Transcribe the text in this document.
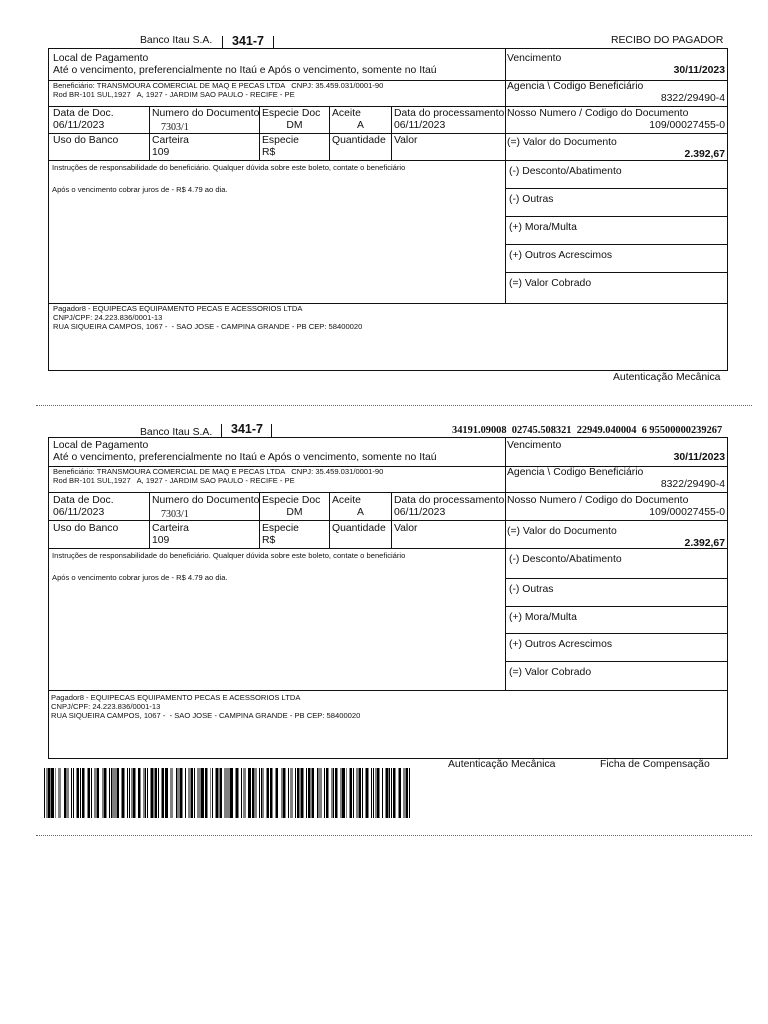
Banco Itau S.A. 341-7	RECIBO DO PAGADOR
Local de Pagamento
Até o vencimento, preferencialmente no Itaú e Após o vencimento, somente no Itaú
Vencimento
30/11/2023
Beneficiário: TRANSMOURA COMERCIAL DE MAQ E PECAS LTDA   CNPJ: 35.459.031/0001-90
Rod BR-101 SUL,1927   A, 1927 - JARDIM SAO PAULO - RECIFE - PE
Agencia \ Codigo Beneficiário
8322/29490-4
Data de Doc.
06/11/2023
Numero do Documento
7303/1
Especie Doc
DM
Aceite
A
Data do processamento
06/11/2023
Nosso Numero / Codigo do Documento
109/00027455-0
Uso do Banco	Carteira
109
Especie
R$
Quantidade Valor	(=) Valor do Documento
2.392,67
Instruções de responsabilidade do beneficiário. Qualquer dúvida sobre este boleto, contate o beneficiário
Após o vencimento cobrar juros de - R$ 4.79 ao dia.
(-) Desconto/Abatimento
(-) Outras
(+) Mora/Multa
(+) Outros Acrescimos
(=) Valor Cobrado
Pagador8 - EQUIPECAS EQUIPAMENTO PECAS E ACESSORIOS LTDA
CNPJ/CPF: 24.223.836/0001-13
RUA SIQUEIRA CAMPOS, 1067 -  - SAO JOSE - CAMPINA GRANDE - PB CEP: 58400020
Autenticação Mecânica
Banco Itau S.A. 341-7	34191.09008  02745.508321  22949.040004  6 95500000239267
Local de Pagamento
Até o vencimento, preferencialmente no Itaú e Após o vencimento, somente no Itaú
Vencimento
30/11/2023
Beneficiário: TRANSMOURA COMERCIAL DE MAQ E PECAS LTDA   CNPJ: 35.459.031/0001-90
Rod BR-101 SUL,1927   A, 1927 - JARDIM SAO PAULO - RECIFE - PE
Agencia \ Codigo Beneficiário
8322/29490-4
Data de Doc.
06/11/2023
Numero do Documento
7303/1
Especie Doc
DM
Aceite
A
Data do processamento
06/11/2023
Nosso Numero / Codigo do Documento
109/00027455-0
Uso do Banco	Carteira
109
Especie
R$
Quantidade Valor	(=) Valor do Documento
2.392,67
Instruções de responsabilidade do beneficiário. Qualquer dúvida sobre este boleto, contate o beneficiário
Após o vencimento cobrar juros de - R$ 4.79 ao dia.
(-) Desconto/Abatimento
(-) Outras
(+) Mora/Multa
(+) Outros Acrescimos
(=) Valor Cobrado
Pagador8 - EQUIPECAS EQUIPAMENTO PECAS E ACESSORIOS LTDA
CNPJ/CPF: 24.223.836/0001-13
RUA SIQUEIRA CAMPOS, 1067 -  - SAO JOSE - CAMPINA GRANDE - PB CEP: 58400020
Autenticação Mecânica	Ficha de Compensação
